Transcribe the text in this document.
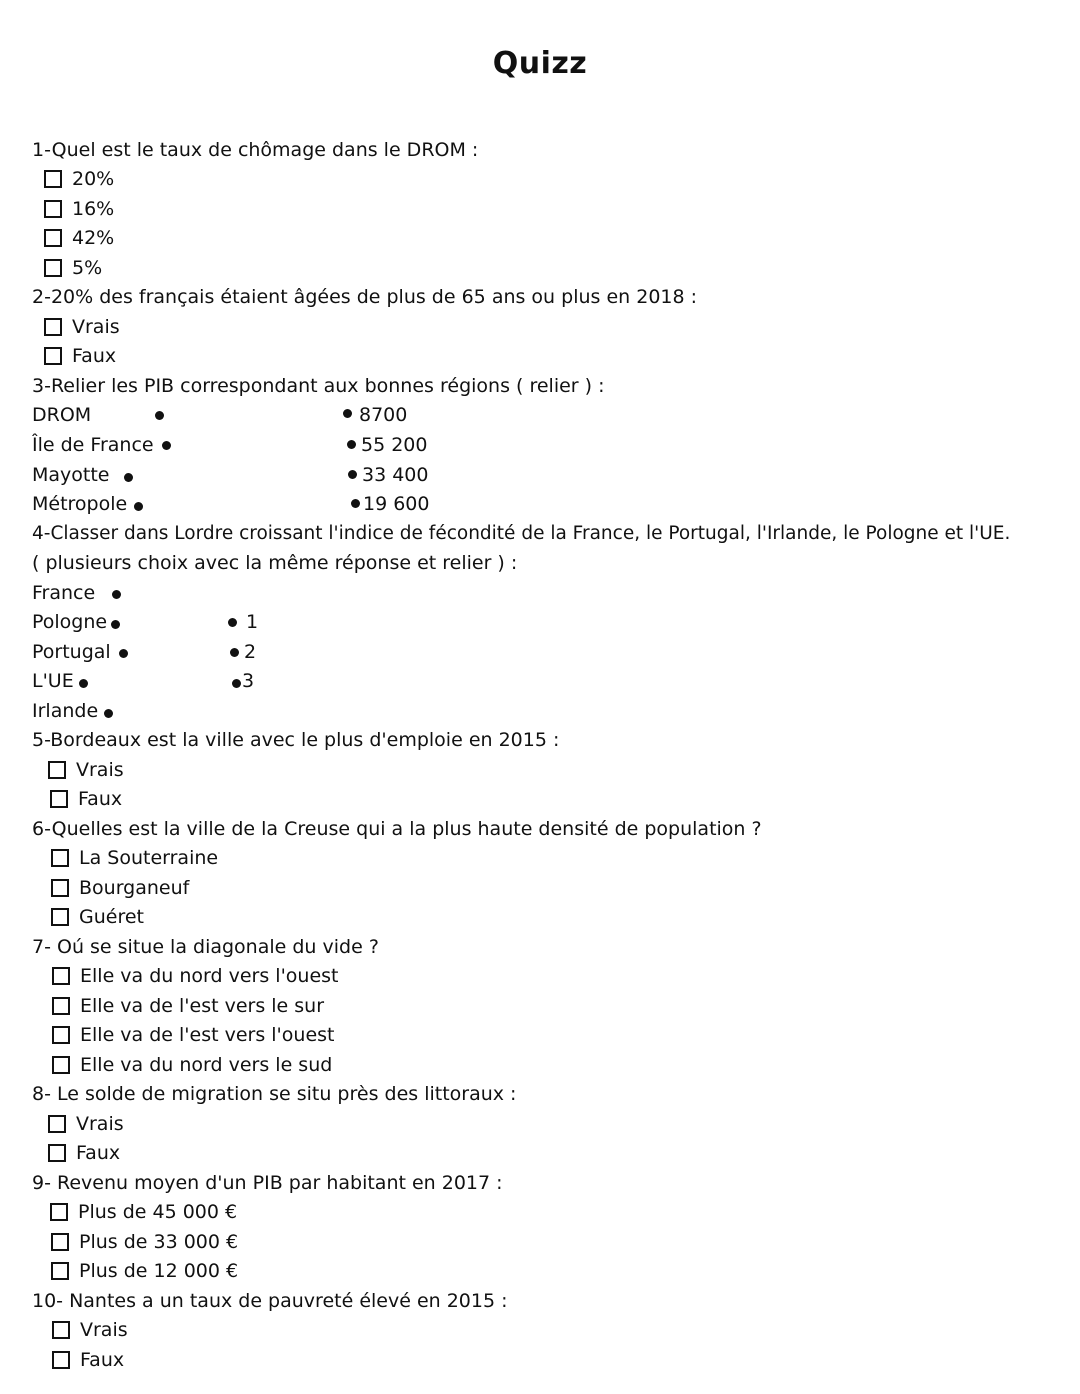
Quizz
1-Quel est le taux de chômage dans le DROM :
20%
16%
42%
5%
2-20% des français étaient âgées de plus de 65 ans ou plus en 2018 :
Vrais
Faux
3-Relier les PIB correspondant aux bonnes régions ( relier ) :
DROM
Île de France
Mayotte
Métropole
8700
55 200
33 400
19 600
4-Classer dans Lordre croissant l'indice de fécondité de la France, le Portugal, l'Irlande, le Pologne et l'UE.
( plusieurs choix avec la même réponse et relier ) :
France
Pologne
Portugal
L'UE
Irlande
1
2
3
5-Bordeaux est la ville avec le plus d'emploie en 2015 :
Vrais
Faux
6-Quelles est la ville de la Creuse qui a la plus haute densité de population ?
La Souterraine
Bourganeuf
Guéret
7- Oú se situe la diagonale du vide ?
Elle va du nord vers l'ouest
Elle va de l'est vers le sur
Elle va de l'est vers l'ouest
Elle va du nord vers le sud
8- Le solde de migration se situ près des littoraux :
Vrais
Faux
9- Revenu moyen d'un PIB par habitant en 2017 :
Plus de 45 000 €
Plus de 33 000 €
Plus de 12 000 €
10- Nantes a un taux de pauvreté élevé en 2015 :
Vrais
Faux
